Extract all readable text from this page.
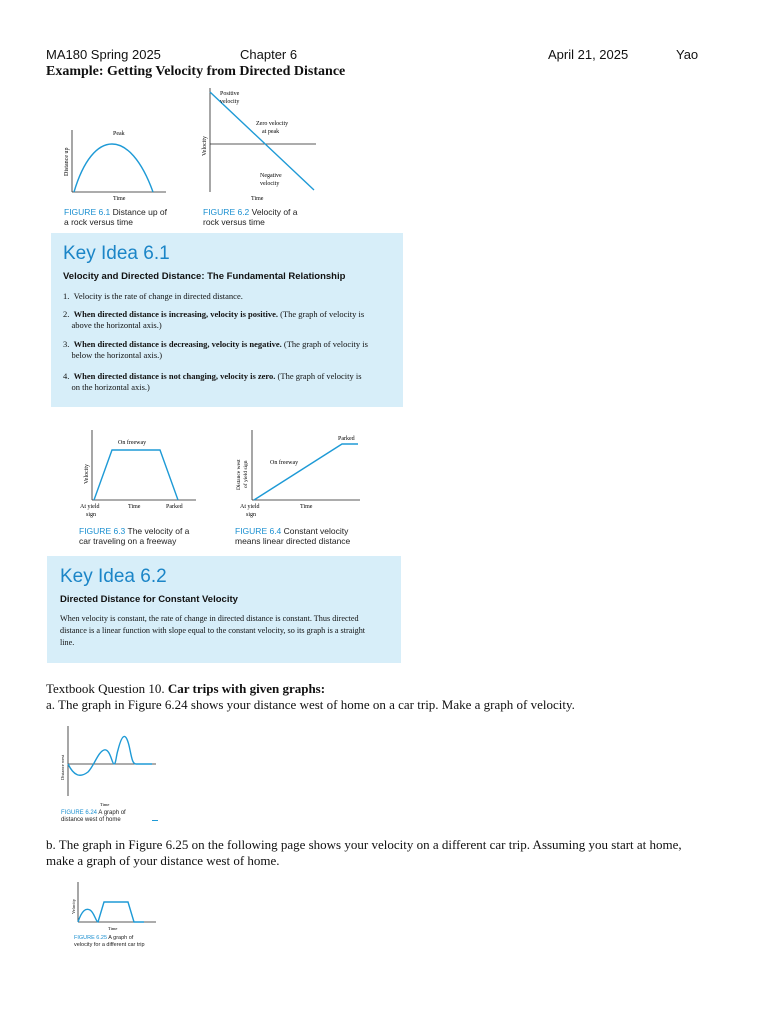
MA180 Spring 2025	Chapter 6	April 21, 2025	Yao
Example: Getting Velocity from Directed Distance
Peak
Time
Distance up
FIGURE 6.1 Distance up of
a rock versus time
Positive
velocity
Zero velocity
at peak
Negative
velocity
Time
Velocity
FIGURE 6.2 Velocity of a
rock versus time
Key Idea 6.1
Velocity and Directed Distance: The Fundamental Relationship
1. Velocity is the rate of change in directed distance.
2. When directed distance is increasing, velocity is positive. (The graph of velocity is
above the horizontal axis.)
3. When directed distance is decreasing, velocity is negative. (The graph of velocity is
below the horizontal axis.)
4. When directed distance is not changing, velocity is zero. (The graph of velocity is
on the horizontal axis.)
On freeway
At yield
sign
Time	Parked
Velocity
FIGURE 6.3 The velocity of a
car traveling on a freeway
Parked
On freeway
At yield
sign
Time
Distance west of yield sign
FIGURE 6.4 Constant velocity
means linear directed distance
Key Idea 6.2
Directed Distance for Constant Velocity
When velocity is constant, the rate of change in directed distance is constant. Thus directed
distance is a linear function with slope equal to the constant velocity, so its graph is a straight
line.
Textbook Question 10. Car trips with given graphs:
a. The graph in Figure 6.24 shows your distance west of home on a car trip. Make a graph of velocity.
Time
Distance west
FIGURE 6.24 A graph of
distance west of home
b. The graph in Figure 6.25 on the following page shows your velocity on a different car trip. Assuming you start at home,
make a graph of your distance west of home.
Time
Velocity
FIGURE 6.25 A graph of
velocity for a different car trip
